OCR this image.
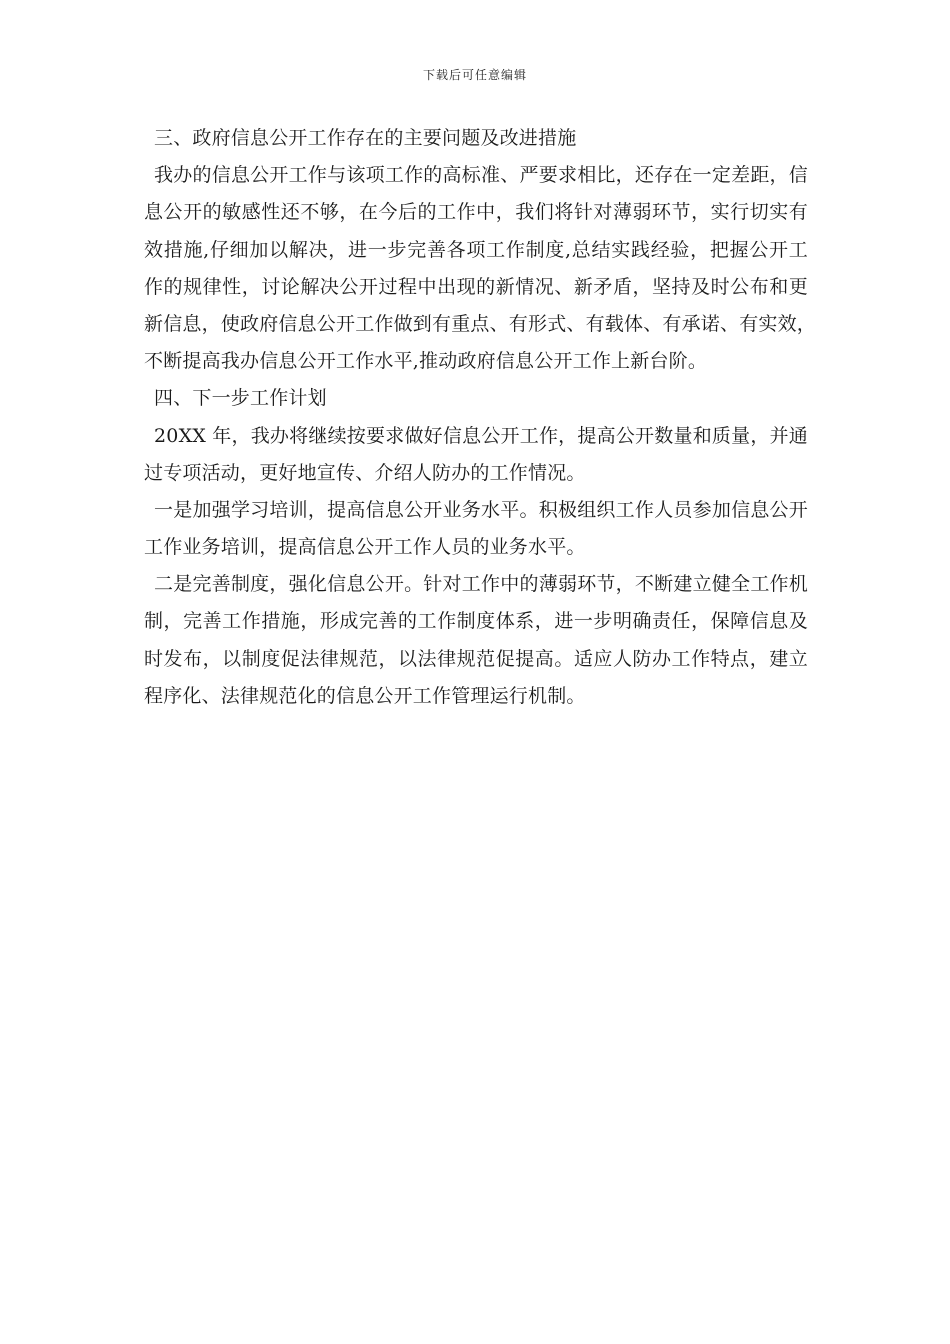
下载后可任意编辑
三、政府信息公开工作存在的主要问题及改进措施
我办的信息公开工作与该项工作的高标准、严要求相比，还存在一定差距，信
息公开的敏感性还不够，在今后的工作中，我们将针对薄弱环节，实行切实有
效措施,仔细加以解决，进一步完善各项工作制度,总结实践经验，把握公开工
作的规律性，讨论解决公开过程中出现的新情况、新矛盾，坚持及时公布和更
新信息，使政府信息公开工作做到有重点、有形式、有载体、有承诺、有实效，
不断提高我办信息公开工作水平,推动政府信息公开工作上新台阶。
四、下一步工作计划
20XX 年，我办将继续按要求做好信息公开工作，提高公开数量和质量，并通
过专项活动，更好地宣传、介绍人防办的工作情况。
一是加强学习培训，提高信息公开业务水平。积极组织工作人员参加信息公开
工作业务培训，提高信息公开工作人员的业务水平。
二是完善制度，强化信息公开。针对工作中的薄弱环节，不断建立健全工作机
制，完善工作措施，形成完善的工作制度体系，进一步明确责任，保障信息及
时发布，以制度促法律规范，以法律规范促提高。适应人防办工作特点，建立
程序化、法律规范化的信息公开工作管理运行机制。
